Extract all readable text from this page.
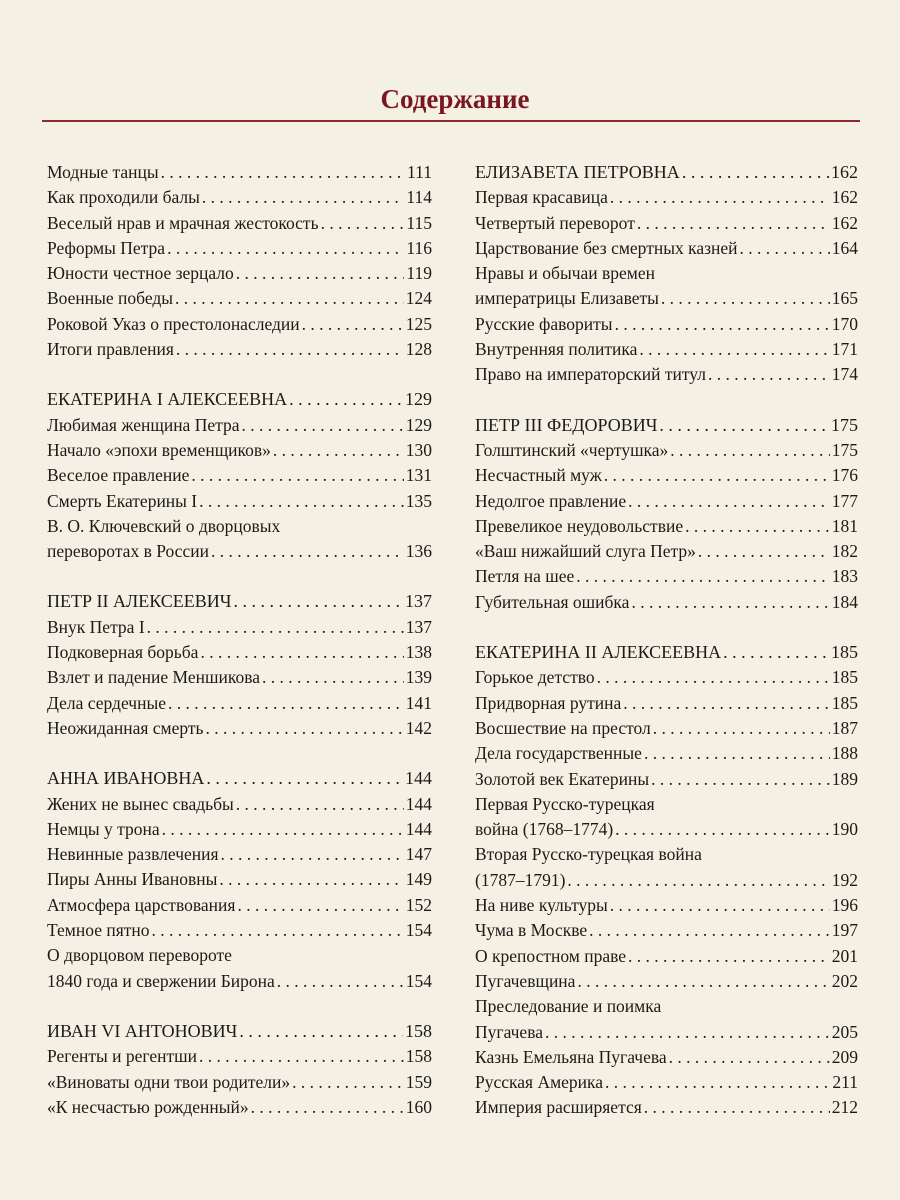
Содержание
Модные танцы . . .	111
Как проходили балы . . .	114
Веселый нрав и мрачная жестокость . . .	115
Реформы Петра . . .	116
Юности честное зерцало . . .	119
Военные победы . . .	124
Роковой Указ о престолонаследии . . .	125
Итоги правления . . .	128
ЕКАТЕРИНА I АЛЕКСЕЕВНА . . .	129
Любимая женщина Петра . . .	129
Начало «эпохи временщиков» . . .	130
Веселое правление . . .	131
Смерть Екатерины I . . .	135
В. О. Ключевский о дворцовых
переворотах в России . . .	136
ПЕТР II АЛЕКСЕЕВИЧ . . .	137
Внук Петра I . . .	137
Подковерная борьба . . .	138
Взлет и падение Меншикова . . .	139
Дела сердечные . . .	141
Неожиданная смерть . . .	142
АННА ИВАНОВНА . . .	144
Жених не вынес свадьбы . . .	144
Немцы у трона . . .	144
Невинные развлечения . . .	147
Пиры Анны Ивановны . . .	149
Атмосфера царствования . . .	152
Темное пятно . . .	154
О дворцовом перевороте
1840 года и свержении Бирона . . .	154
ИВАН VI АНТОНОВИЧ . . .	158
Регенты и регентши . . .	158
«Виноваты одни твои родители» . . .	159
«К несчастью рожденный» . . .	160
ЕЛИЗАВЕТА ПЕТРОВНА . . .	162
Первая красавица . . .	162
Четвертый переворот . . .	162
Царствование без смертных казней . . .	164
Нравы и обычаи времен
императрицы Елизаветы . . .	165
Русские фавориты . . .	170
Внутренняя политика . . .	171
Право на императорский титул . . .	174
ПЕТР III ФЕДОРОВИЧ . . .	175
Голштинский «чертушка» . . .	175
Несчастный муж . . .	176
Недолгое правление . . .	177
Превеликое неудовольствие . . .	181
«Ваш нижайший слуга Петр» . . .	182
Петля на шее . . .	183
Губительная ошибка . . .	184
ЕКАТЕРИНА II АЛЕКСЕЕВНА . . .	185
Горькое детство . . .	185
Придворная рутина . . .	185
Восшествие на престол . . .	187
Дела государственные . . .	188
Золотой век Екатерины . . .	189
Первая Русско-турецкая
война (1768–1774) . . .	190
Вторая Русско-турецкая война
(1787–1791) . . .	192
На ниве культуры . . .	196
Чума в Москве . . .	197
О крепостном праве . . .	201
Пугачевщина . . .	202
Преследование и поимка
Пугачева . . .	205
Казнь Емельяна Пугачева . . .	209
Русская Америка . . .	211
Империя расширяется . . .	212
